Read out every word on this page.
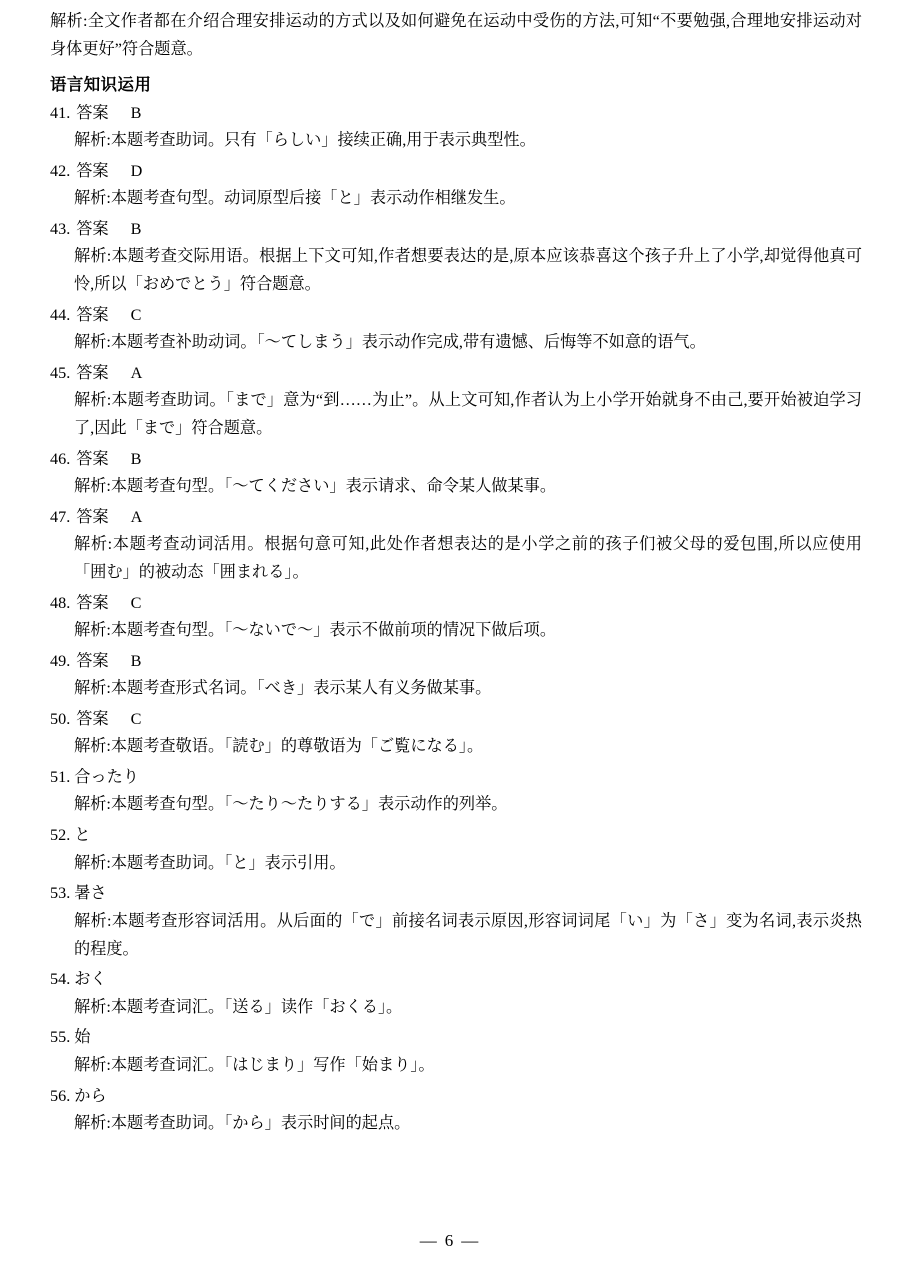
解析:全文作者都在介绍合理安排运动的方式以及如何避免在运动中受伤的方法,可知“不要勉强,合理地安排运动对身体更好”符合题意。
语言知识运用
41. 答案 B
解析:本题考查助词。只有「らしい」接续正确,用于表示典型性。
42. 答案 D
解析:本题考查句型。动词原型后接「と」表示动作相继发生。
43. 答案 B
解析:本题考查交际用语。根据上下文可知,作者想要表达的是,原本应该恭喜这个孩子升上了小学,却觉得他真可怜,所以「おめでとう」符合题意。
44. 答案 C
解析:本题考查补助动词。「～てしまう」表示动作完成,带有遗憾、后悔等不如意的语气。
45. 答案 A
解析:本题考查助词。「まで」意为“到……为止”。从上文可知,作者认为上小学开始就身不由己,要开始被迫学习了,因此「まで」符合题意。
46. 答案 B
解析:本题考查句型。「～てください」表示请求、命令某人做某事。
47. 答案 A
解析:本题考查动词活用。根据句意可知,此处作者想表达的是小学之前的孩子们被父母的爱包围,所以应使用「囲む」的被动态「囲まれる」。
48. 答案 C
解析:本题考查句型。「～ないで～」表示不做前项的情况下做后项。
49. 答案 B
解析:本题考查形式名词。「べき」表示某人有义务做某事。
50. 答案 C
解析:本题考查敬语。「読む」的尊敬语为「ご覧になる」。
51. 合ったり
解析:本题考查句型。「～たり～たりする」表示动作的列举。
52. と
解析:本题考查助词。「と」表示引用。
53. 暑さ
解析:本题考查形容词活用。从后面的「で」前接名词表示原因,形容词词尾「い」为「さ」变为名词,表示炎热的程度。
54. おく
解析:本题考查词汇。「送る」读作「おくる」。
55. 始
解析:本题考查词汇。「はじまり」写作「始まり」。
56. から
解析:本题考查助词。「から」表示时间的起点。
— 6 —
